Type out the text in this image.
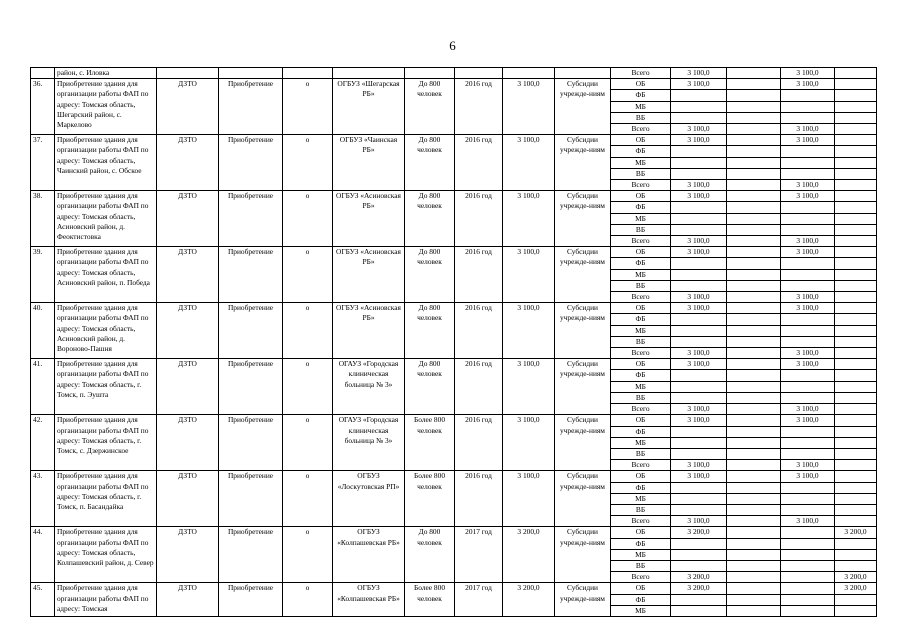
6
	район, с. Иловка									Всего	3 100,0		3 100,0	
36.	Приобретение здания для организации работы ФАП по адресу: Томская область, Шегарский район, с. Маркелово	ДЗТО	Приобретение	о	ОГБУЗ «Шегарская РБ»	До 800 человек	2016 год	3 100,0	Субсидии учрежде-ниям	ОБ	3 100,0		3 100,0	
										ФБ				
										МБ				
										ВБ				
										Всего	3 100,0		3 100,0	
37.	Приобретение здания для организации работы ФАП по адресу: Томская область, Чаинский район, с. Обское	ДЗТО	Приобретение	о	ОГБУЗ «Чаинская РБ»	До 800 человек	2016 год	3 100,0	Субсидии учрежде-ниям	ОБ	3 100,0		3 100,0	
										ФБ				
										МБ				
										ВБ				
										Всего	3 100,0		3 100,0	
38.	Приобретение здания для организации работы ФАП по адресу: Томская область, Асиновский район, д. Феоктистовка	ДЗТО	Приобретение	о	ОГБУЗ «Асиновская РБ»	До 800 человек	2016 год	3 100,0	Субсидии учрежде-ниям	ОБ	3 100,0		3 100,0	
										ФБ				
										МБ				
										ВБ				
										Всего	3 100,0		3 100,0	
39.	Приобретение здания для организации работы ФАП по адресу: Томская область, Асиновский район, п. Победа	ДЗТО	Приобретение	о	ОГБУЗ «Асиновская РБ»	До 800 человек	2016 год	3 100,0	Субсидии учрежде-ниям	ОБ	3 100,0		3 100,0	
										ФБ				
										МБ				
										ВБ				
										Всего	3 100,0		3 100,0	
40.	Приобретение здания для организации работы ФАП по адресу: Томская область, Асиновский район, д. Вороново-Пашня	ДЗТО	Приобретение	о	ОГБУЗ «Асиновская РБ»	До 800 человек	2016 год	3 100,0	Субсидии учрежде-ниям	ОБ	3 100,0		3 100,0	
										ФБ				
										МБ				
										ВБ				
										Всего	3 100,0		3 100,0	
41.	Приобретение здания для организации работы ФАП по адресу: Томская область, г. Томск, п. Эушта	ДЗТО	Приобретение	о	ОГАУЗ «Городская клиническая больница № 3»	До 800 человек	2016 год	3 100,0	Субсидии учрежде-ниям	ОБ	3 100,0		3 100,0	
										ФБ				
										МБ				
										ВБ				
										Всего	3 100,0		3 100,0	
42.	Приобретение здания для организации работы ФАП по адресу: Томская область, г. Томск, с. Дзержинское	ДЗТО	Приобретение	о	ОГАУЗ «Городская клиническая больница № 3»	Более 800 человек	2016 год	3 100,0	Субсидии учрежде-ниям	ОБ	3 100,0		3 100,0	
										ФБ				
										МБ				
										ВБ				
										Всего	3 100,0		3 100,0	
43.	Приобретение здания для организации работы ФАП по адресу: Томская область, г. Томск, п. Басандайка	ДЗТО	Приобретение	о	ОГБУЗ «Лоскутовская РП»	Более 800 человек	2016 год	3 100,0	Субсидии учрежде-ниям	ОБ	3 100,0		3 100,0	
										ФБ				
										МБ				
										ВБ				
										Всего	3 100,0		3 100,0	
44.	Приобретение здания для организации работы ФАП по адресу: Томская область, Колпашевский район, д. Север	ДЗТО	Приобретение	о	ОГБУЗ «Колпашевская РБ»	До 800 человек	2017 год	3 200,0	Субсидии учрежде-ниям	ОБ	3 200,0			3 200,0
										ФБ				
										МБ				
										ВБ				
										Всего	3 200,0			3 200,0
45.	Приобретение здания для организации работы ФАП по адресу: Томская	ДЗТО	Приобретение	о	ОГБУЗ «Колпашевская РБ»	Более 800 человек	2017 год	3 200,0	Субсидии учрежде-ниям	ОБ	3 200,0			3 200,0
										ФБ				
										МБ				
